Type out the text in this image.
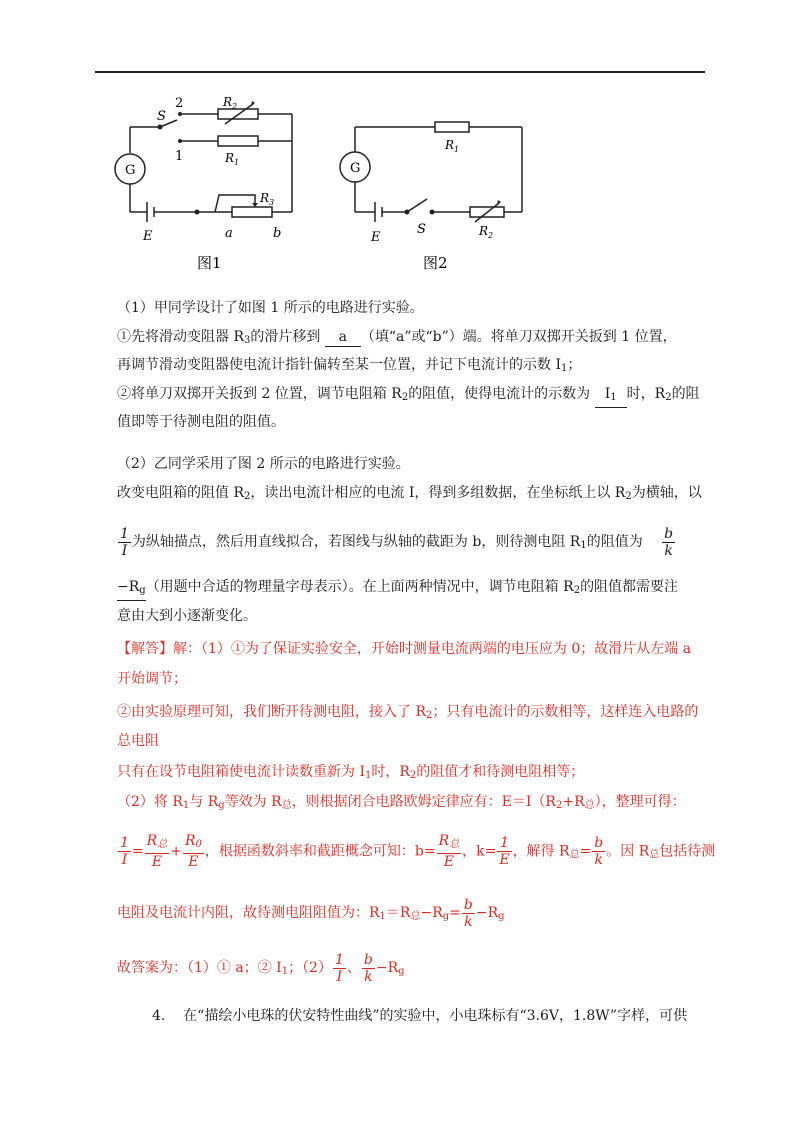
S
2
1
$R_2$
$R_1$
G
E
$R_3$
a	b
图1
$R_1$
G
E
S	$R_2$
图2
（1）甲同学设计了如图 1 所示的电路进行实验。
①先将滑动变阻器 $R_3$的滑片移到 a （填“a”或“b”）端。将单刀双掷开关扳到 1 位置，
再调节滑动变阻器使电流计指针偏转至某一位置，并记下电流计的示数 $I_1$；
②将单刀双掷开关扳到 2 位置，调节电阻箱 $R_2$的阻值，使得电流计的示数为 $I_1$ 时，$R_2$的阻
值即等于待测电阻的阻值。
（2）乙同学采用了图 2 所示的电路进行实验。
改变电阻箱的阻值 $R_2$，读出电流计相应的电流 I，得到多组数据，在坐标纸上以 $R_2$为横轴，以
$\frac{1}{I}$ 为纵轴描点，然后用直线拟合，若图线与纵轴的截距为 b，则待测电阻 $R_1$的阻值为 $\frac{b}{k}$
$-R_g$（用题中合适的物理量字母表示）。在上面两种情况中，调节电阻箱 $R_2$的阻值都需要注
意由大到小逐渐变化。
【解答】解：（1）①为了保证实验安全，开始时测量电流两端的电压应为 0；故滑片从左端 a
开始调节；
②由实验原理可知，我们断开待测电阻，接入了 $R_2$；只有电流计的示数相等，这样连入电路的
总电阻
只有在设节电阻箱使电流计读数重新为 $I_1$时，$R_2$的阻值才和待测电阻相等；
（2）将 $R_1$与 $R_g$等效为 $R_总$，则根据闭合电路欧姆定律应有：$E=I(R_2+R_总)$，整理可得：
$\frac{1}{I} = \frac{R_总}{E} + \frac{R_0}{E}$ ，根据函数斜率和截距概念可知：$b= \frac{R_总}{E}$ ，$k= \frac{1}{E}$ ，解得 $R_总= \frac{b}{k}$ 。因 $R_总$包括待测
电阻及电流计内阻，故待测电阻阻值为：$R_1=R_总-R_g= \frac{b}{k} -R_g$
故答案为：（1）① a；② $I_1$；$(2) \frac{1}{I}$ 、 $\frac{b}{k} -R_g$
4. 在“描绘小电珠的伏安特性曲线”的实验中，小电珠标有“3.6V，1.8W”字样，可供
